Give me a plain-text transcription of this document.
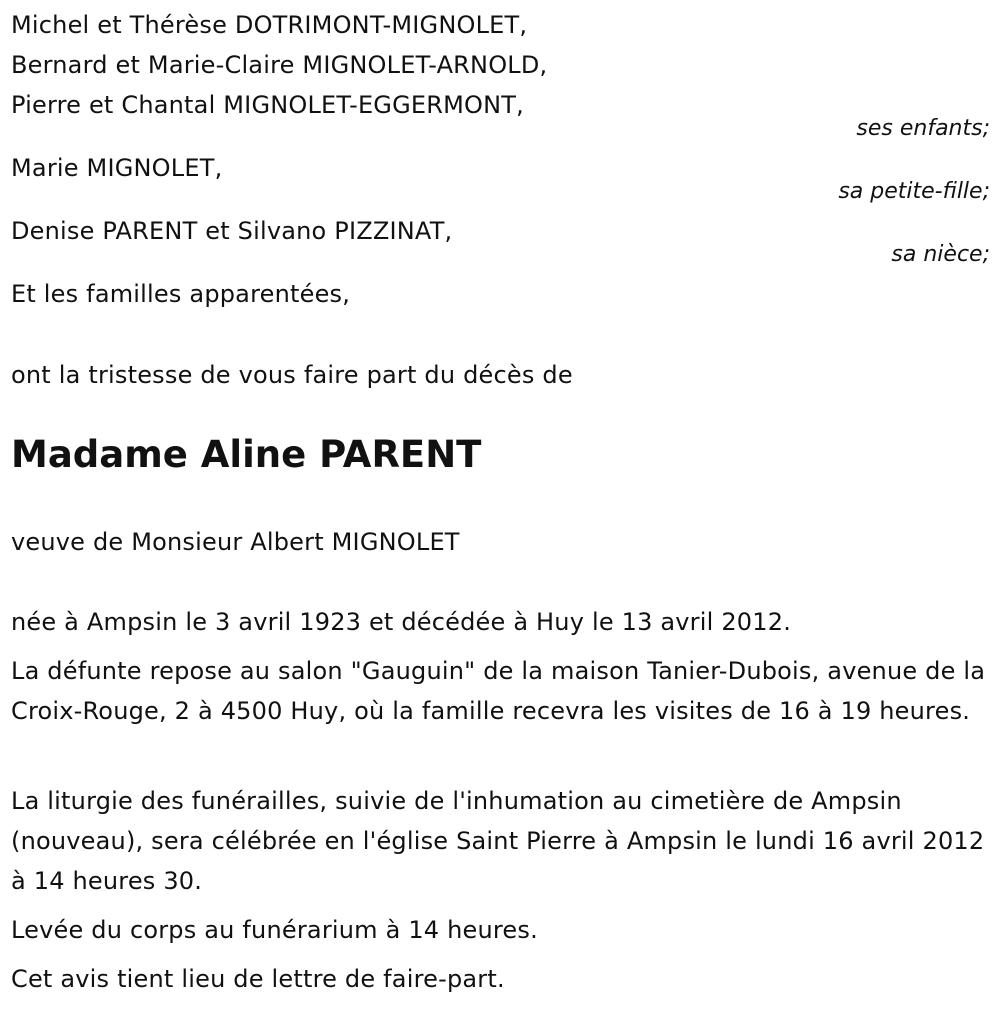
Michel et Thérèse DOTRIMONT-MIGNOLET,
Bernard et Marie-Claire MIGNOLET-ARNOLD,
Pierre et Chantal MIGNOLET-EGGERMONT,
ses enfants;
Marie MIGNOLET,
sa petite-fille;
Denise PARENT et Silvano PIZZINAT,
sa nièce;
Et les familles apparentées,
ont la tristesse de vous faire part du décès de
Madame Aline PARENT
veuve de Monsieur Albert MIGNOLET
née à Ampsin le 3 avril 1923 et décédée à Huy le 13 avril 2012.
La défunte repose au salon "Gauguin" de la maison Tanier-Dubois, avenue de la Croix-Rouge, 2 à 4500 Huy, où la famille recevra les visites de 16 à 19 heures.
La liturgie des funérailles, suivie de l'inhumation au cimetière de Ampsin (nouveau), sera célébrée en l'église Saint Pierre à Ampsin le lundi 16 avril 2012 à 14 heures 30.
Levée du corps au funérarium à 14 heures.
Cet avis tient lieu de lettre de faire-part.
